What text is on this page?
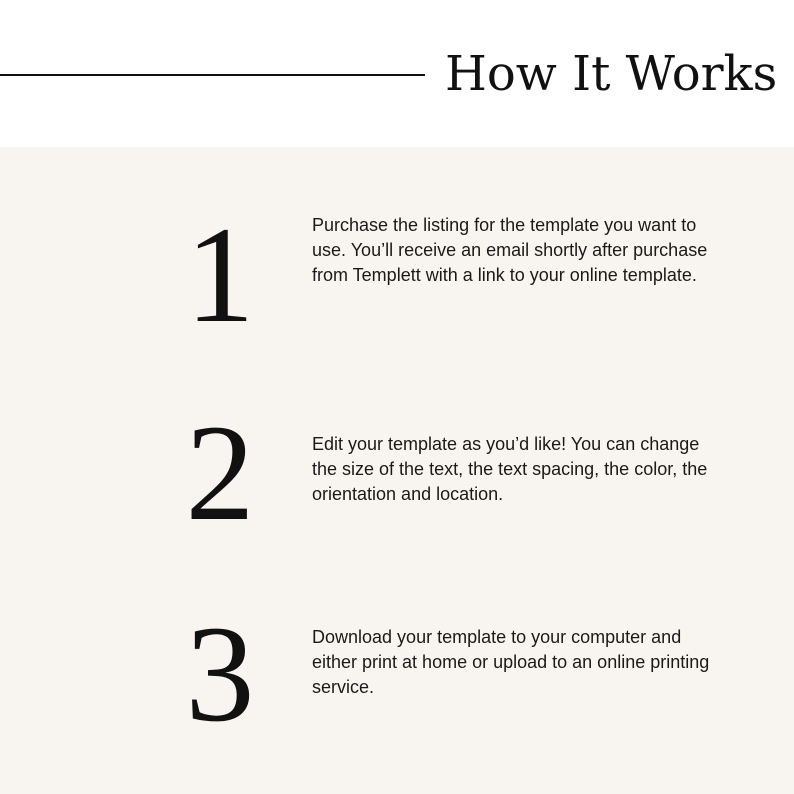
How It Works
1	Purchase the listing for the template you want to use. You’ll receive an email shortly after purchase from Templett with a link to your online template.
2	Edit your template as you’d like! You can change the size of the text, the text spacing, the color, the orientation and location.
3	Download your template to your computer and either print at home or upload to an online printing service.
